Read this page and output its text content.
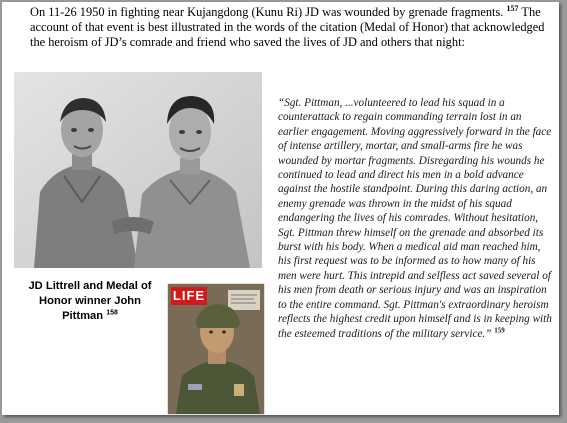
On 11-26 1950 in fighting near Kujangdong (Kunu Ri) JD was wounded by grenade fragments. $^{157}$ The account of that event is best illustrated in the words of the citation (Medal of Honor) that acknowledged the heroism of JD’s comrade and friend who saved the lives of JD and others that night:

JD Littrell and Medal of Honor winner John Pittman $^{158}$

LIFE

“Sgt. Pittman, ...volunteered to lead his squad in a counterattack to regain commanding terrain lost in an earlier engagement. Moving aggressively forward in the face of intense artillery, mortar, and small-arms fire he was wounded by mortar fragments. Disregarding his wounds he continued to lead and direct his men in a bold advance against the hostile standpoint. During this daring action, an enemy grenade was thrown in the midst of his squad endangering the lives of his comrades. Without hesitation, Sgt. Pittman threw himself on the grenade and absorbed its burst with his body. When a medical aid man reached him, his first request was to be informed as to how many of his men were hurt. This intrepid and selfless act saved several of his men from death or serious injury and was an inspiration to the entire command. Sgt. Pittman's extraordinary heroism reflects the highest credit upon himself and is in keeping with the esteemed traditions of the military service.” $^{159}$
